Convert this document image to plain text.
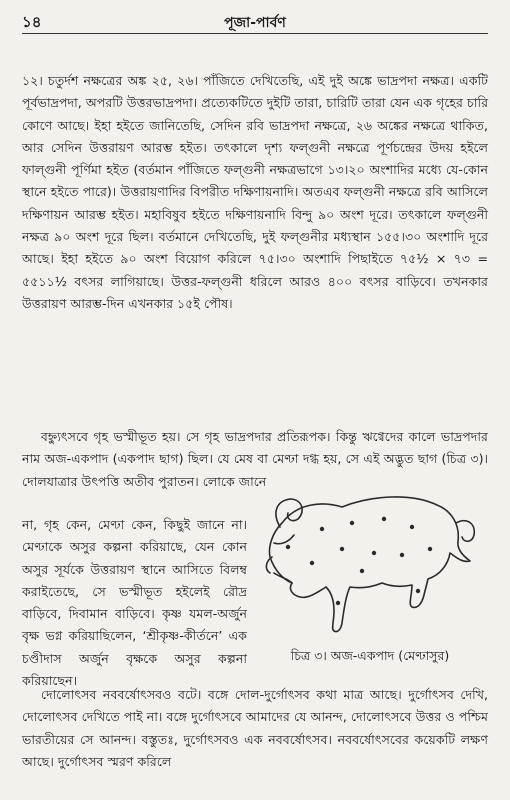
১৪	পূজা-পার্বণ
১২। চতুর্দশ নক্ষত্রের অঙ্ক ২৫, ২৬। পাঁজিতে দেখিতেছি, এই দুই অঙ্কে ভাদ্রপদা নক্ষত্র। একটি পূর্বভাদ্রপদা, অপরটি উত্তরভাদ্রপদা। প্রত্যেকটিতে দুইটি তারা, চারিটি তারা যেন এক গৃহের চারি কোণে আছে। ইহা হইতে জানিতেছি, সেদিন রবি ভাদ্রপদা নক্ষত্রে, ২৬ অঙ্কের নক্ষত্রে থাকিত, আর সেদিন উত্তরায়ণ আরম্ভ হইত। তৎকালে দৃশ্য ফল্গুনী নক্ষত্রে পূর্ণচন্দ্রের উদয় হইলে ফাল্গুনী পূর্ণিমা হইত (বর্তমান পাঁজিতে ফল্গুনী নক্ষত্রভাগে ১৩।২০ অংশাদির মধ্যে যে-কোন স্থানে হইতে পারে)। উত্তরায়ণাদির বিপরীত দক্ষিণায়নাদি। অতএব ফল্গুনী নক্ষত্রে রবি আসিলে দক্ষিণায়ন আরম্ভ হইত। মহাবিষুব হইতে দক্ষিণায়নাদি বিন্দু ৯০ অংশ দূরে। তৎকালে ফল্গুনী নক্ষত্র ৯০ অংশ দূরে ছিল। বর্তমানে দেখিতেছি, দুই ফল্গুনীর মধ্যস্থান ১৫৫।৩০ অংশাদি দূরে আছে। ইহা হইতে ৯০ অংশ বিয়োগ করিলে ৭৫।৩০ অংশাদি পিছাইতে ৭৫½ × ৭৩ = ৫৫১১½ বৎসর লাগিয়াছে। উত্তর-ফল্গুনী ধরিলে আরও ৪০০ বৎসর বাড়িবে। তখনকার উত্তরায়ণ আরম্ভ-দিন এখনকার ১৫ই পৌষ।
বহ্ন্যুৎসবে গৃহ ভস্মীভূত হয়। সে গৃহ ভাদ্রপদার প্রতিরূপক। কিন্তু ঋগ্বেদের কালে ভাদ্রপদার নাম অজ-একপাদ (একপাদ ছাগ) ছিল। যে মেষ বা মেণ্ঢা দগ্ধ হয়, সে এই অদ্ভুত ছাগ (চিত্র ৩)। দোলযাত্রার উৎপত্তি অতীব পুরাতন। লোকে জানে
না, গৃহ কেন, মেণ্ঢা কেন, কিছুই জানে না। মেণ্ঢাকে অসুর কল্পনা করিয়াছে, যেন কোন অসুর সূর্যকে উত্তরায়ণ স্থানে আসিতে বিলম্ব করাইতেছে, সে ভস্মীভূত হইলেই রৌদ্র বাড়িবে, দিবামান বাড়িবে। কৃষ্ণ যমল-অর্জুন বৃক্ষ ভগ্ন করিয়াছিলেন, ‘শ্রীকৃষ্ণ-কীর্তনে’ এক চণ্ডীদাস অর্জুন বৃক্ষকে অসুর কল্পনা করিয়াছেন।
চিত্র ৩। অজ-একপাদ (মেণ্ঢাসুর)
দোলোৎসব নববর্ষোৎসবও বটে। বঙ্গে দোল-দুর্গোৎসব কথা মাত্র আছে। দুর্গোৎসব দেখি, দোলোৎসব দেখিতে পাই না। বঙ্গে দুর্গোৎসবে আমাদের যে আনন্দ, দোলোৎসবে উত্তর ও পশ্চিম ভারতীয়ের সে আনন্দ। বস্তুতঃ, দুর্গোৎসবও এক নববর্ষোৎসব। নববর্ষোৎসবের কয়েকটি লক্ষণ আছে। দুর্গোৎসব স্মরণ করিলে
